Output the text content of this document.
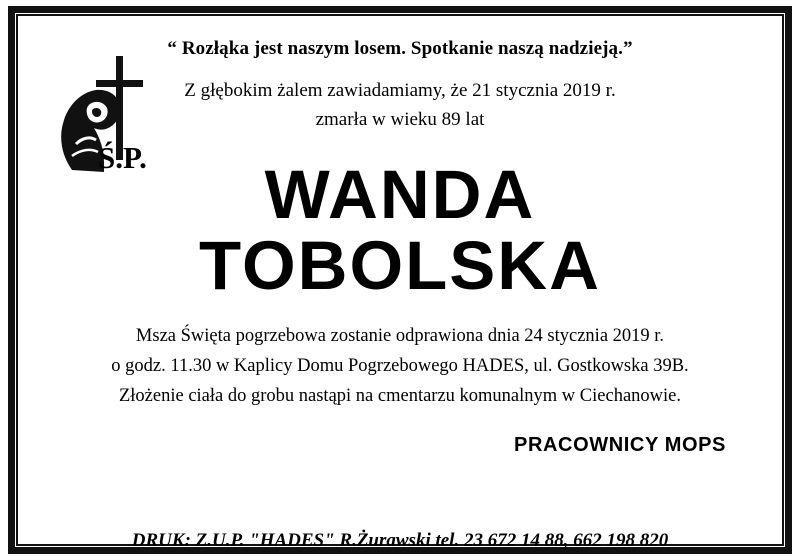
“ Rozłąka jest naszym losem. Spotkanie naszą nadzieją.”
Z głębokim żalem zawiadamiamy, że 21 stycznia 2019 r.
zmarła w wieku 89 lat
WANDA
TOBOLSKA
Msza Święta pogrzebowa zostanie odprawiona dnia 24 stycznia 2019 r.
o godz. 11.30 w Kaplicy Domu Pogrzebowego HADES, ul. Gostkowska 39B.
Złożenie ciała do grobu nastąpi na cmentarzu komunalnym w Ciechanowie.
PRACOWNICY MOPS
Ś.P.
DRUK: Z.U.P. "HADES" R.Żurawski tel. 23 672 14 88, 662 198 820
